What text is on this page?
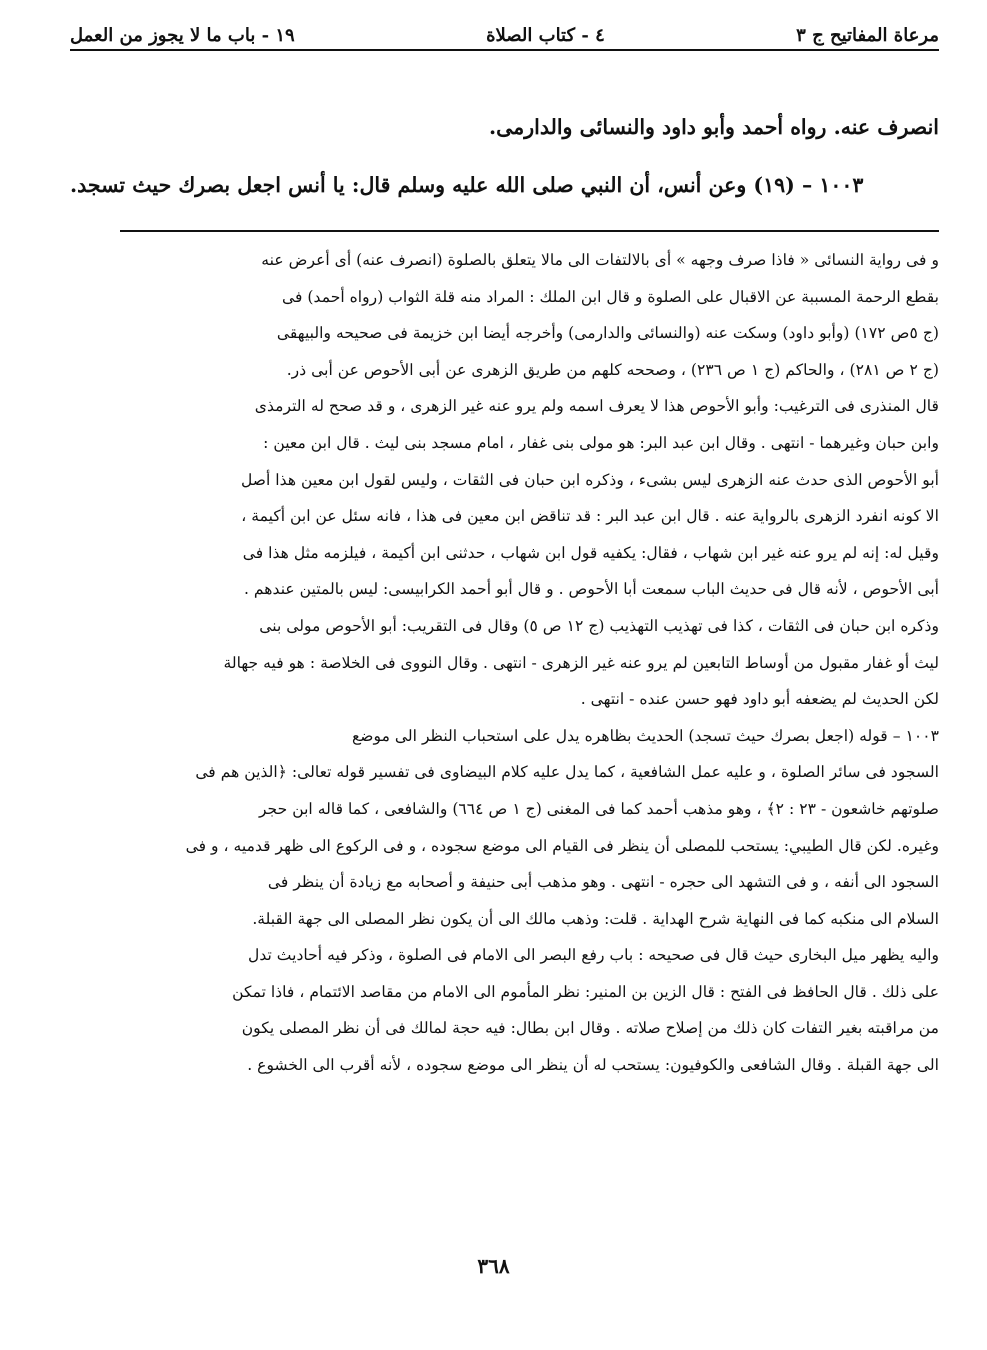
مرعاة المفاتيح ج ٣
٤ - كتاب الصلاة
١٩ - باب ما لا يجوز من العمل
انصرف عنه. رواه أحمد وأبو داود والنسائى والدارمى.
١٠٠٣ – (١٩) وعن أنس، أن النبي صلى الله عليه وسلم قال: يا أنس اجعل بصرك حيث تسجد.

و فى رواية النسائى « فاذا صرف وجهه » أى بالالتفات الى مالا يتعلق بالصلوة (انصرف عنه) أى أعرض عنه

بقطع الرحمة المسببة عن الاقبال على الصلوة و قال ابن الملك : المراد منه قلة الثواب (رواه أحمد) فى

(ج ٥ص ١٧٢) (وأبو داود) وسكت عنه (والنسائى والدارمى) وأخرجه أيضا ابن خزيمة فى صحيحه والبيهقى

(ج ٢ ص ٢٨١) ، والحاكم (ج ١ ص ٢٣٦) ، وصححه كلهم من طريق الزهرى عن أبى الأحوص عن أبى ذر.

قال المنذرى فى الترغيب: وأبو الأحوص هذا لا يعرف اسمه ولم يرو عنه غير الزهرى ، و قد صحح له الترمذى

وابن حبان وغيرهما - انتهى . وقال ابن عبد البر: هو مولى بنى غفار ، امام مسجد بنى ليث . قال ابن معين :

أبو الأحوص الذى حدث عنه الزهرى ليس بشىء ، وذكره ابن حبان فى الثقات ، وليس لقول ابن معين هذا أصل

الا كونه انفرد الزهرى بالرواية عنه . قال ابن عبد البر : قد تناقض ابن معين فى هذا ، فانه سئل عن ابن أكيمة ،

وقيل له: إنه لم يرو عنه غير ابن شهاب ، فقال: يكفيه قول ابن شهاب ، حدثنى ابن أكيمة ، فيلزمه مثل هذا فى

أبى الأحوص ، لأنه قال فى حديث الباب سمعت أبا الأحوص . و قال أبو أحمد الكرابيسى: ليس بالمتين عندهم .

وذكره ابن حبان فى الثقات ، كذا فى تهذيب التهذيب (ج ١٢ ص ٥) وقال فى التقريب: أبو الأحوص مولى بنى

ليث أو غفار مقبول من أوساط التابعين لم يرو عنه غير الزهرى - انتهى . وقال النووى فى الخلاصة : هو فيه جهالة

لكن الحديث لم يضعفه أبو داود فهو حسن عنده - انتهى .

١٠٠٣ – قوله (اجعل بصرك حيث تسجد) الحديث بظاهره يدل على استحباب النظر الى موضع

السجود فى سائر الصلوة ، و عليه عمل الشافعية ، كما يدل عليه كلام البيضاوى فى تفسير قوله تعالى: ﴿الذين هم فى

صلوتهم خاشعون - ٢٣ : ٢﴾ ، وهو مذهب أحمد كما فى المغنى (ج ١ ص ٦٦٤) والشافعى ، كما قاله ابن حجر

وغيره. لكن قال الطيبي: يستحب للمصلى أن ينظر فى القيام الى موضع سجوده ، و فى الركوع الى ظهر قدميه ، و فى

السجود الى أنفه ، و فى التشهد الى حجره - انتهى . وهو مذهب أبى حنيفة و أصحابه مع زيادة أن ينظر فى

السلام الى منكبه كما فى النهاية شرح الهداية . قلت: وذهب مالك الى أن يكون نظر المصلى الى جهة القبلة.

واليه يظهر ميل البخارى حيث قال فى صحيحه : باب رفع البصر الى الامام فى الصلوة ، وذكر فيه أحاديث تدل

على ذلك . قال الحافظ فى الفتح : قال الزين بن المنير: نظر المأموم الى الامام من مقاصد الائتمام ، فاذا تمكن

من مراقبته بغير التفات كان ذلك من إصلاح صلاته . وقال ابن بطال: فيه حجة لمالك فى أن نظر المصلى يكون

الى جهة القبلة . وقال الشافعى والكوفيون: يستحب له أن ينظر الى موضع سجوده ، لأنه أقرب الى الخشوع .

٣٦٨
